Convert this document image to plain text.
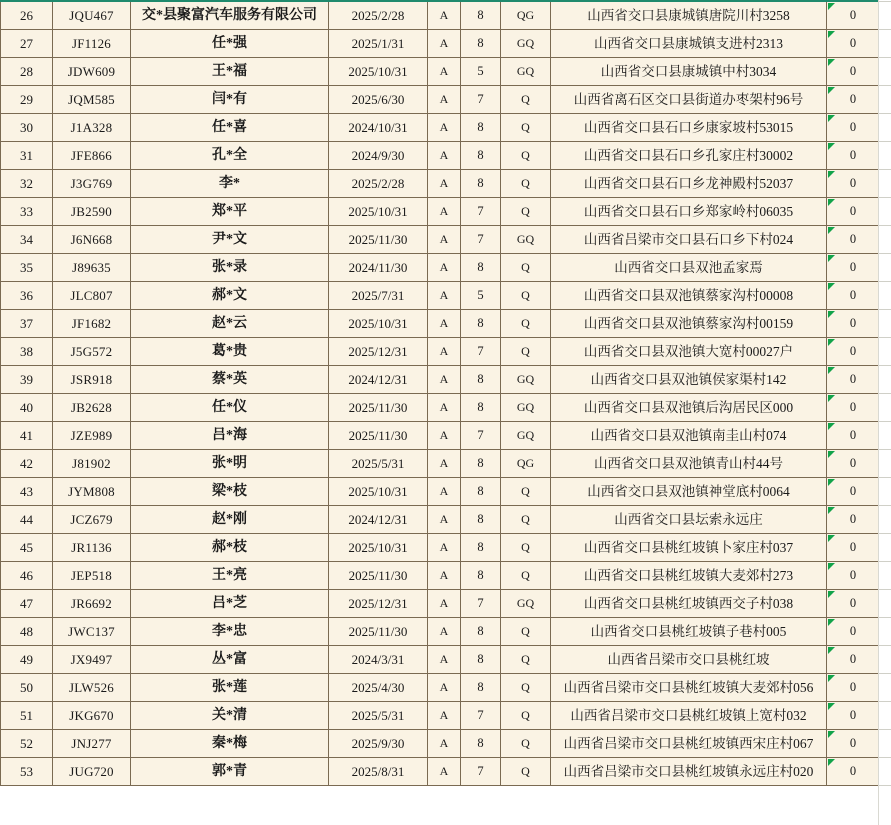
26	JQU467	交*县聚富汽车服务有限公司	2025/2/28	A	8	QG	山西省交口县康城镇唐院川村3258	0
27	JF1126	任*强	2025/1/31	A	8	GQ	山西省交口县康城镇支进村2313	0
28	JDW609	王*福	2025/10/31	A	5	GQ	山西省交口县康城镇中村3034	0
29	JQM585	闫*有	2025/6/30	A	7	Q	山西省离石区交口县街道办枣架村96号	0
30	J1A328	任*喜	2024/10/31	A	8	Q	山西省交口县石口乡康家坡村53015	0
31	JFE866	孔*全	2024/9/30	A	8	Q	山西省交口县石口乡孔家庄村30002	0
32	J3G769	李*	2025/2/28	A	8	Q	山西省交口县石口乡龙神殿村52037	0
33	JB2590	郑*平	2025/10/31	A	7	Q	山西省交口县石口乡郑家岭村06035	0
34	J6N668	尹*文	2025/11/30	A	7	GQ	山西省吕梁市交口县石口乡下村024	0
35	J89635	张*录	2024/11/30	A	8	Q	山西省交口县双池孟家焉	0
36	JLC807	郝*文	2025/7/31	A	5	Q	山西省交口县双池镇蔡家沟村00008	0
37	JF1682	赵*云	2025/10/31	A	8	Q	山西省交口县双池镇蔡家沟村00159	0
38	J5G572	葛*贵	2025/12/31	A	7	Q	山西省交口县双池镇大宽村00027户	0
39	JSR918	蔡*英	2024/12/31	A	8	GQ	山西省交口县双池镇侯家渠村142	0
40	JB2628	任*仪	2025/11/30	A	8	GQ	山西省交口县双池镇后沟居民区000	0
41	JZE989	吕*海	2025/11/30	A	7	GQ	山西省交口县双池镇南圭山村074	0
42	J81902	张*明	2025/5/31	A	8	QG	山西省交口县双池镇青山村44号	0
43	JYM808	梁*枝	2025/10/31	A	8	Q	山西省交口县双池镇神堂底村0064	0
44	JCZ679	赵*刚	2024/12/31	A	8	Q	山西省交口县坛索永远庄	0
45	JR1136	郝*枝	2025/10/31	A	8	Q	山西省交口县桃红坡镇卜家庄村037	0
46	JEP518	王*亮	2025/11/30	A	8	Q	山西省交口县桃红坡镇大麦郊村273	0
47	JR6692	吕*芝	2025/12/31	A	7	GQ	山西省交口县桃红坡镇西交子村038	0
48	JWC137	李*忠	2025/11/30	A	8	Q	山西省交口县桃红坡镇子巷村005	0
49	JX9497	丛*富	2024/3/31	A	8	Q	山西省吕梁市交口县桃红坡	0
50	JLW526	张*莲	2025/4/30	A	8	Q	山西省吕梁市交口县桃红坡镇大麦郊村056	0
51	JKG670	关*清	2025/5/31	A	7	Q	山西省吕梁市交口县桃红坡镇上宽村032	0
52	JNJ277	秦*梅	2025/9/30	A	8	Q	山西省吕梁市交口县桃红坡镇西宋庄村067	0
53	JUG720	郭*青	2025/8/31	A	7	Q	山西省吕梁市交口县桃红坡镇永远庄村020	0
